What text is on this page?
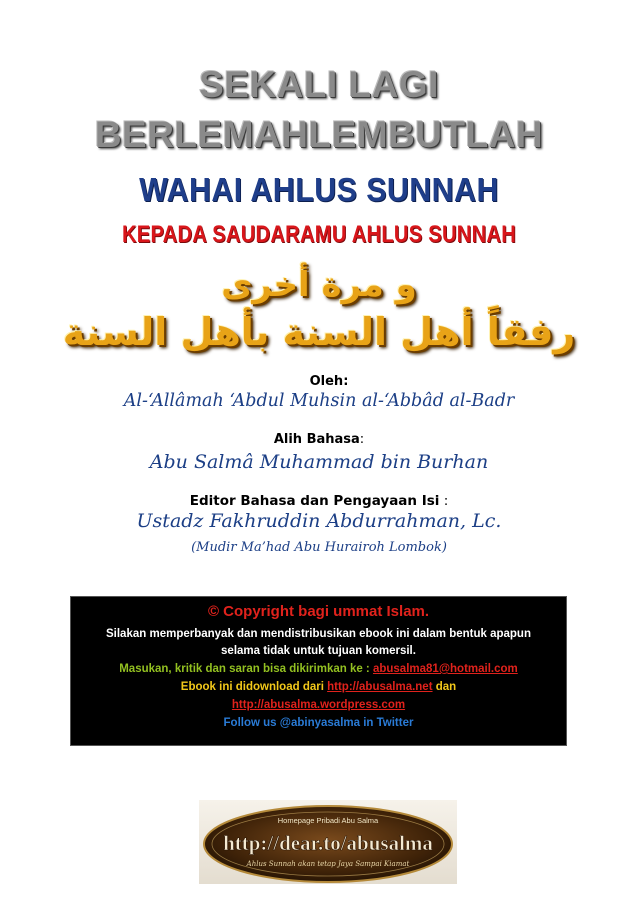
SEKALI LAGI
BERLEMAHLEMBUTLAH
WAHAI AHLUS SUNNAH
KEPADA SAUDARAMU AHLUS SUNNAH
و مرة أخرى
رفقاً أهل السنة بأهل السنة
Oleh:
Al-‘Allâmah ‘Abdul Muhsin al-‘Abbâd al-Badr
Alih Bahasa:
Abu Salmâ Muhammad bin Burhan
Editor Bahasa dan Pengayaan Isi :
Ustadz Fakhruddin Abdurrahman, Lc.
(Mudir Ma’had Abu Hurairoh Lombok)
© Copyright bagi ummat Islam.
Silakan memperbanyak dan mendistribusikan ebook ini dalam bentuk apapun
selama tidak untuk tujuan komersil.
Masukan, kritik dan saran bisa dikirimkan ke : abusalma81@hotmail.com
Ebook ini didownload dari http://abusalma.net dan
http://abusalma.wordpress.com
Follow us @abinyasalma in Twitter
Homepage Pribadi Abu Salma
http://dear.to/abusalma
Ahlus Sunnah akan tetap Jaya Sampai Kiamat
